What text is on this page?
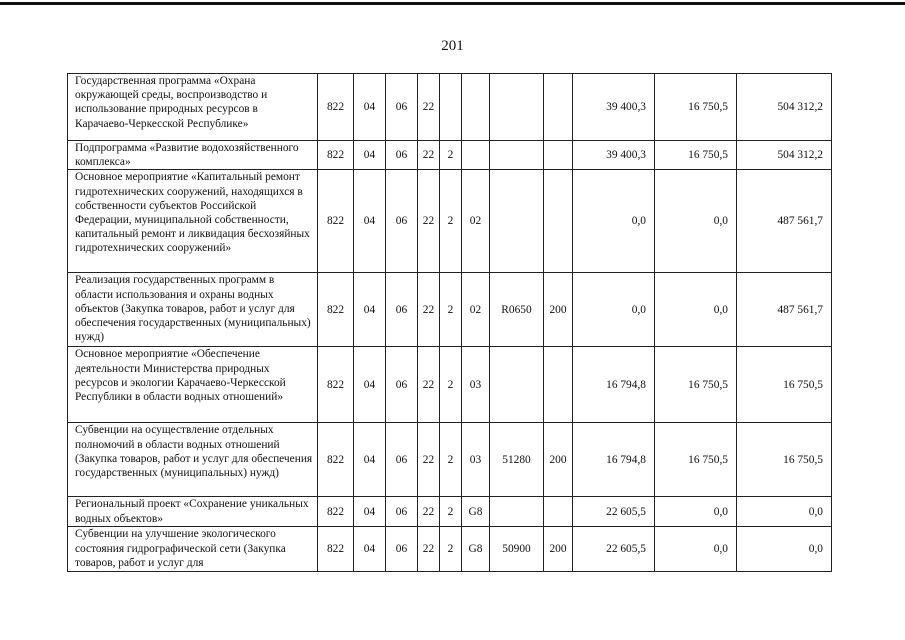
201
Государственная программа «Охрана окружающей среды, воспроизводство и использование природных ресурсов в Карачаево-Черкесской Республике»	822	04	06	22					39 400,3	16 750,5	504 312,2
Подпрограмма «Развитие водохозяйственного комплекса»	822	04	06	22	2				39 400,3	16 750,5	504 312,2
Основное мероприятие «Капитальный ремонт гидротехнических сооружений, находящихся в собственности субъектов Российской Федерации, муниципальной собственности, капитальный ремонт и ликвидация бесхозяйных гидротехнических сооружений»	822	04	06	22	2	02			0,0	0,0	487 561,7
Реализация государственных программ в области использования и охраны водных объектов (Закупка товаров, работ и услуг для обеспечения государственных (муниципальных) нужд)	822	04	06	22	2	02	R0650	200	0,0	0,0	487 561,7
Основное мероприятие «Обеспечение деятельности Министерства природных ресурсов и экологии Карачаево-Черкесской Республики в области водных отношений»	822	04	06	22	2	03			16 794,8	16 750,5	16 750,5
Субвенции на осуществление отдельных полномочий в области водных отношений (Закупка товаров, работ и услуг для обеспечения государственных (муниципальных) нужд)	822	04	06	22	2	03	51280	200	16 794,8	16 750,5	16 750,5
Региональный проект «Сохранение уникальных водных объектов»	822	04	06	22	2	G8			22 605,5	0,0	0,0
Субвенции на улучшение экологического состояния гидрографической сети (Закупка товаров, работ и услуг для	822	04	06	22	2	G8	50900	200	22 605,5	0,0	0,0
